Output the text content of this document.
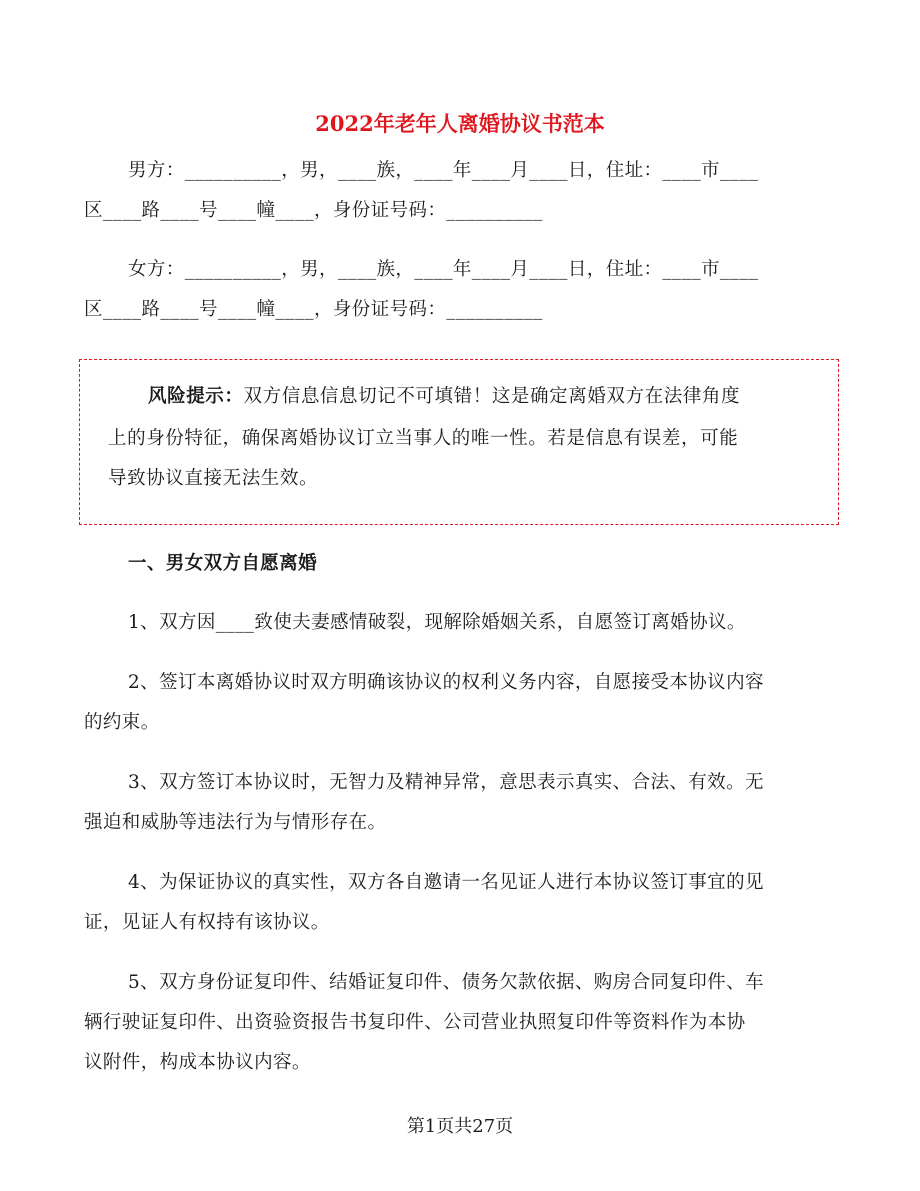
2022年老年人离婚协议书范本
男方：__________，男，____族，____年____月____日，住址：____市____
区____路____号____幢____，身份证号码：__________
女方：__________，男，____族，____年____月____日，住址：____市____
区____路____号____幢____，身份证号码：__________
风险提示：双方信息信息切记不可填错！这是确定离婚双方在法律角度
上的身份特征，确保离婚协议订立当事人的唯一性。若是信息有误差，可能
导致协议直接无法生效。
一、男女双方自愿离婚
1、双方因____致使夫妻感情破裂，现解除婚姻关系，自愿签订离婚协议。
2、签订本离婚协议时双方明确该协议的权利义务内容，自愿接受本协议内容
的约束。
3、双方签订本协议时，无智力及精神异常，意思表示真实、合法、有效。无
强迫和威胁等违法行为与情形存在。
4、为保证协议的真实性，双方各自邀请一名见证人进行本协议签订事宜的见
证，见证人有权持有该协议。
5、双方身份证复印件、结婚证复印件、债务欠款依据、购房合同复印件、车
辆行驶证复印件、出资验资报告书复印件、公司营业执照复印件等资料作为本协
议附件，构成本协议内容。
第1页共27页
